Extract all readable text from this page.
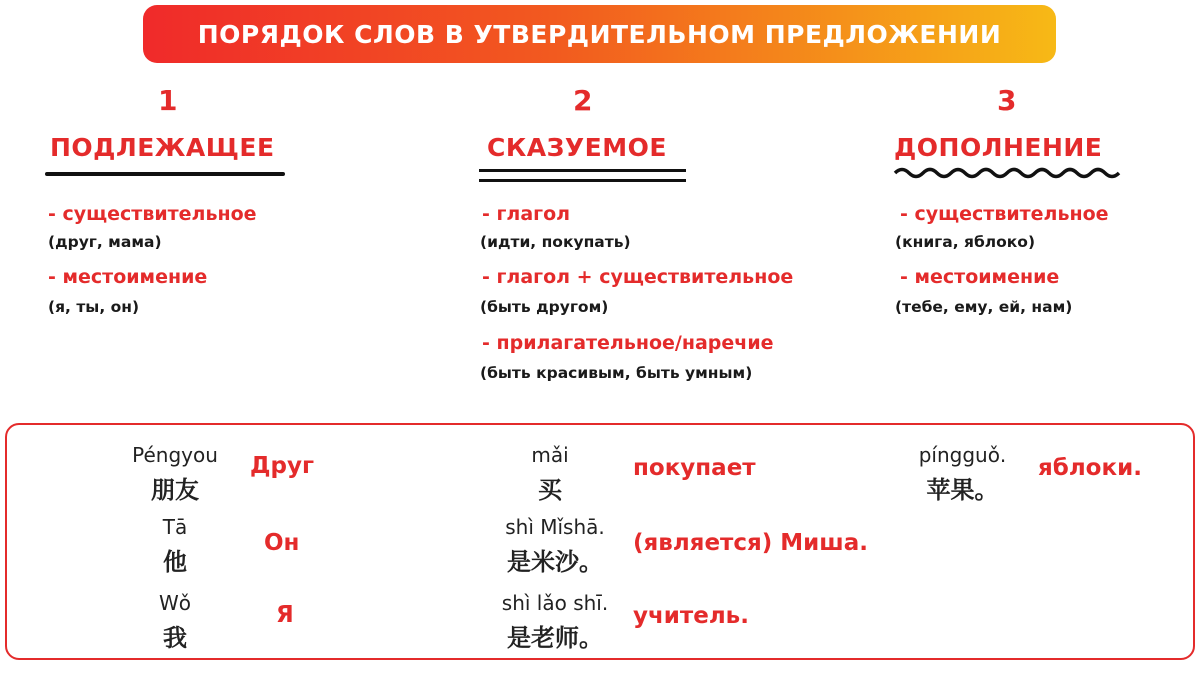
ПОРЯДОК СЛОВ В УТВЕРДИТЕЛЬНОМ ПРЕДЛОЖЕНИИ
1
ПОДЛЕЖАЩЕЕ
- существительное
(друг, мама)
- местоимение
(я, ты, он)
2
СКАЗУЕМОЕ
- глагол
(идти, покупать)
- глагол + существительное
(быть другом)
- прилагательное/наречие
(быть красивым, быть умным)
3
ДОПОЛНЕНИЕ
- существительное
(книга, яблоко)
- местоимение
(тебе, ему, ей, нам)
Péngyou
朋友
Друг
Tā
他
Он
Wǒ
我
Я
mǎi
买
покупает
shì Mǐshā.
是米沙。
(является) Миша.
shì lǎo shī.
是老师。
учитель.
píngguǒ.
苹果。
яблоки.
